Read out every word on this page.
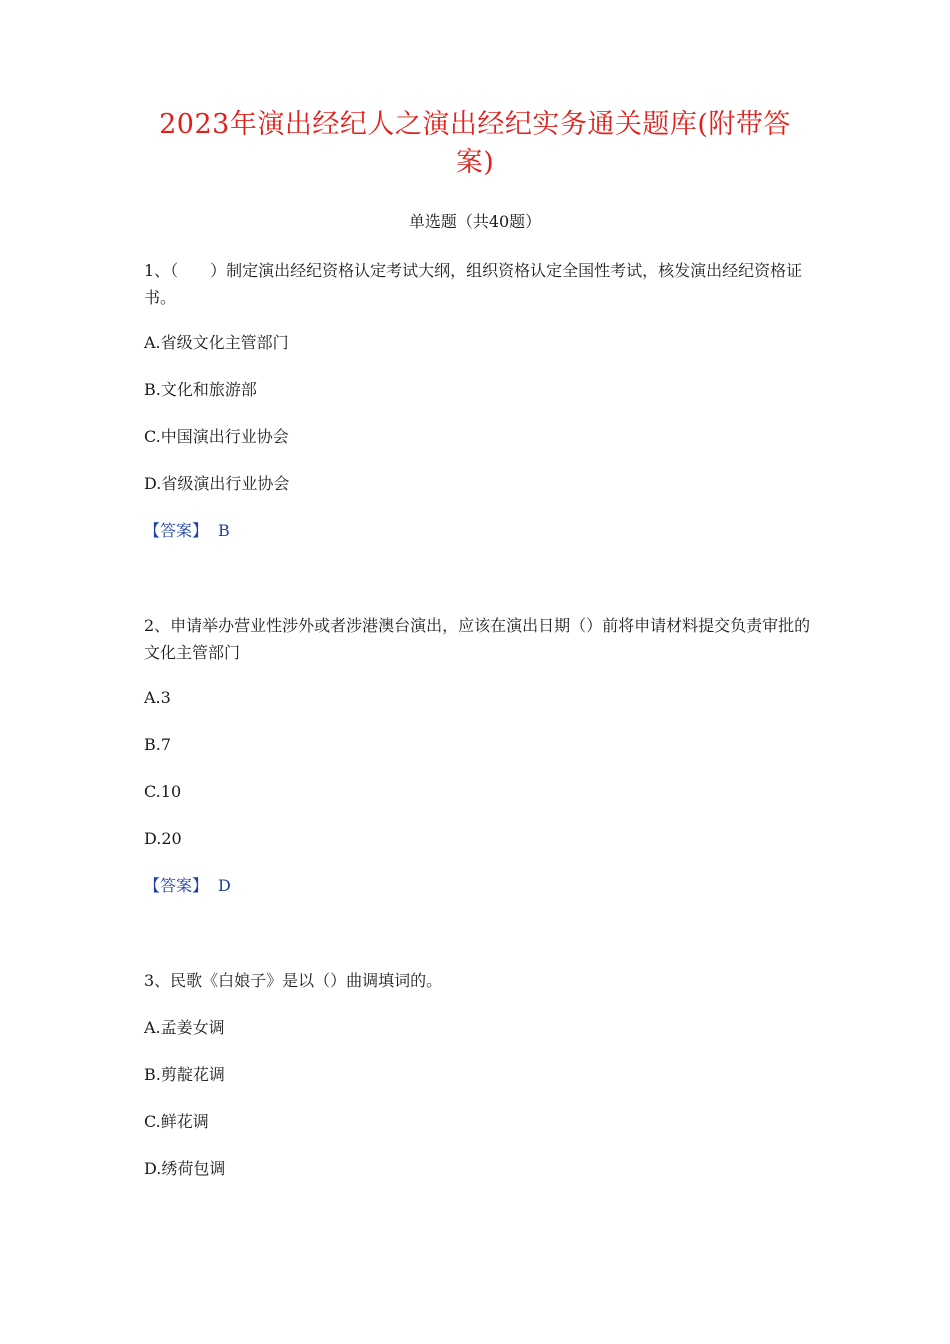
2023年演出经纪人之演出经纪实务通关题库(附带答案)
单选题（共40题）
1、（　　）制定演出经纪资格认定考试大纲，组织资格认定全国性考试，核发演出经纪资格证书。
A.省级文化主管部门
B.文化和旅游部
C.中国演出行业协会
D.省级演出行业协会
【答案】 B
2、申请举办营业性涉外或者涉港澳台演出，应该在演出日期（）前将申请材料提交负责审批的文化主管部门
A.3
B.7
C.10
D.20
【答案】 D
3、民歌《白娘子》是以（）曲调填词的。
A.孟姜女调
B.剪靛花调
C.鲜花调
D.绣荷包调
